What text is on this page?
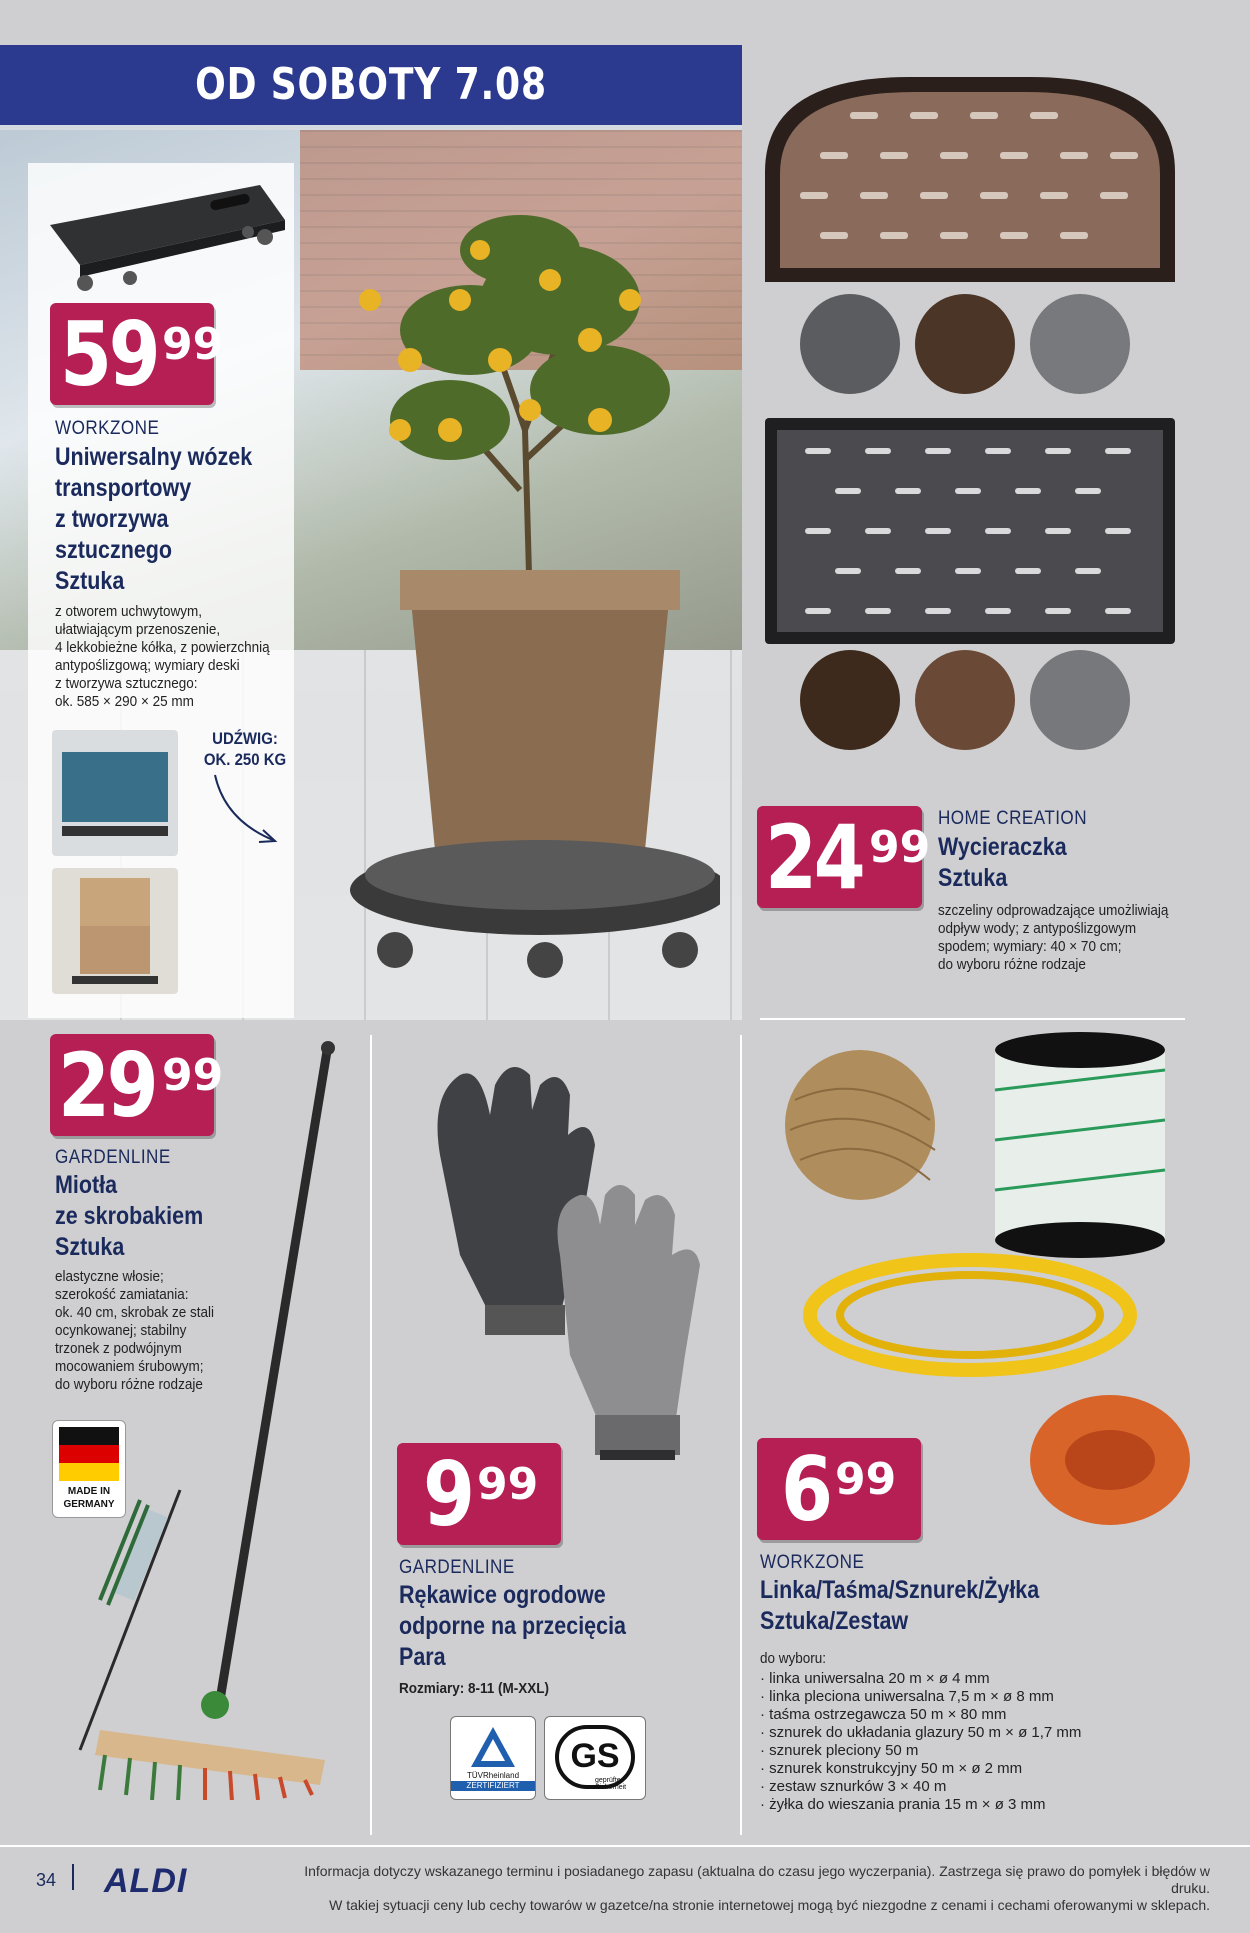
OD SOBOTY 7.08
59 99
WORKZONE
Uniwersalny wózek
transportowy
z tworzywa
sztucznego
Sztuka
z otworem uchwytowym,
ułatwiającym przenoszenie,
4 lekkobieżne kółka, z powierzchnią
antypoślizgową; wymiary deski
z tworzywa sztucznego:
ok. 585 × 290 × 25 mm
UDŹWIG:
OK. 250 KG
24 99
HOME CREATION
Wycieraczka
Sztuka
szczeliny odprowadzające umożliwiają
odpływ wody; z antypoślizgowym
spodem; wymiary: 40 × 70 cm;
do wyboru różne rodzaje
29 99
GARDENLINE
Miotła
ze skrobakiem
Sztuka
elastyczne włosie;
szerokość zamiatania:
ok. 40 cm, skrobak ze stali
ocynkowanej; stabilny
trzonek z podwójnym
mocowaniem śrubowym;
do wyboru różne rodzaje
MADE IN
GERMANY	9 99
GARDENLINE
Rękawice ogrodowe
odporne na przecięcia
Para
Rozmiary: 8-11 (M-XXL)
TÜVRheinland
ZERTIFIZIERT
GS
geprüfte Sicherheit
6 99
WORKZONE
Linka/Taśma/Sznurek/Żyłka
Sztuka/Zestaw
do wyboru:
· linka uniwersalna 20 m × ø 4 mm
· linka pleciona uniwersalna 7,5 m × ø 8 mm
· taśma ostrzegawcza 50 m × 80 mm
· sznurek do układania glazury 50 m × ø 1,7 mm
· sznurek pleciony 50 m
· sznurek konstrukcyjny 50 m × ø 2 mm
· zestaw sznurków 3 × 40 m
· żyłka do wieszania prania 15 m × ø 3 mm
34 ALDI	Informacja dotyczy wskazanego terminu i posiadanego zapasu (aktualna do czasu jego wyczerpania). Zastrzega się prawo do pomyłek i błędów w druku.
W takiej sytuacji ceny lub cechy towarów w gazetce/na stronie internetowej mogą być niezgodne z cenami i cechami oferowanymi w sklepach.
